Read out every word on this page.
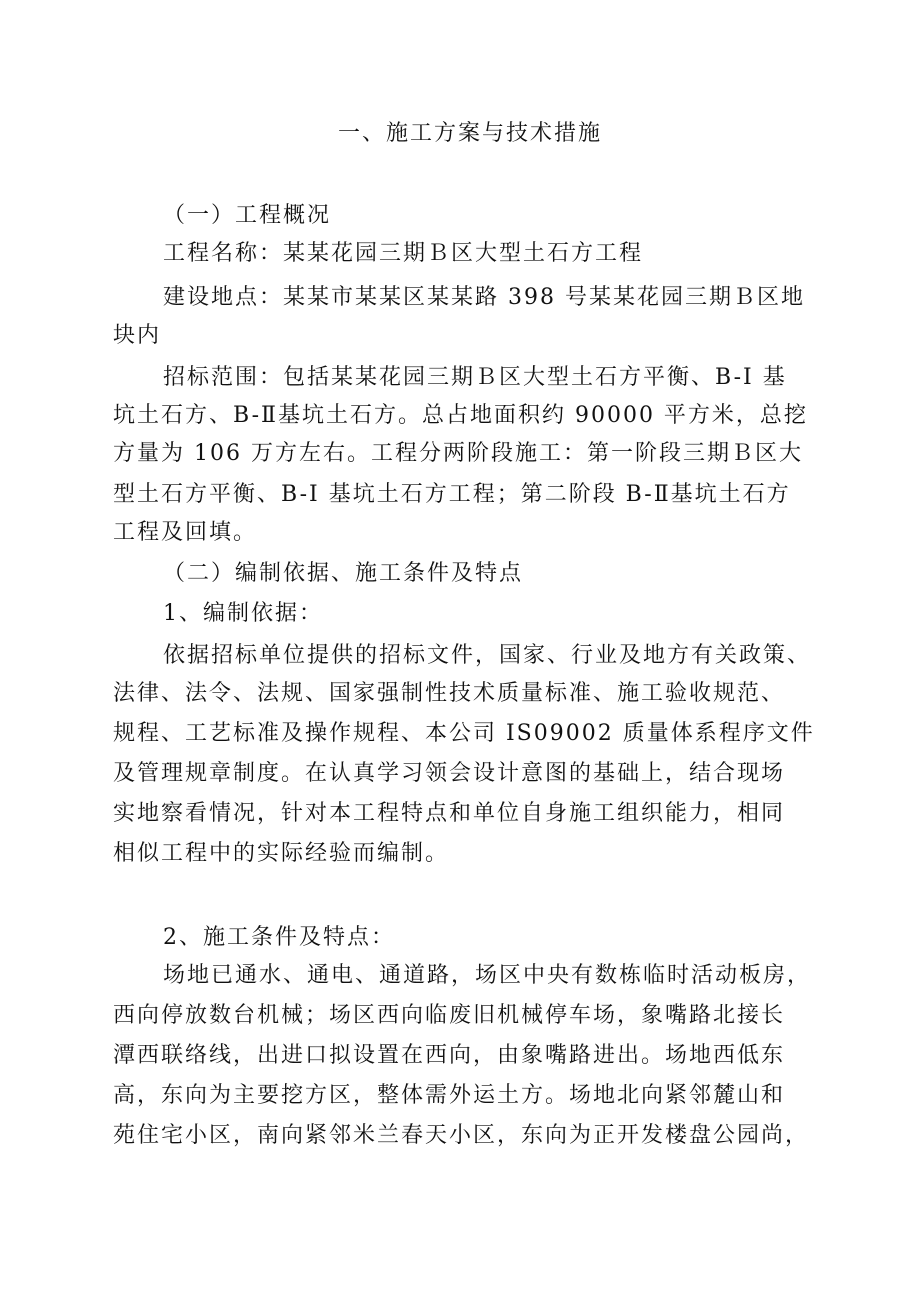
一、施工方案与技术措施
（一）工程概况
工程名称：某某花园三期Ｂ区大型土石方工程
建设地点：某某市某某区某某路 398 号某某花园三期Ｂ区地
块内
招标范围：包括某某花园三期Ｂ区大型土石方平衡、B-I 基
坑土石方、B-Ⅱ基坑土石方。总占地面积约 90000 平方米，总挖
方量为 106 万方左右。工程分两阶段施工：第一阶段三期Ｂ区大
型土石方平衡、B-I 基坑土石方工程；第二阶段 B-Ⅱ基坑土石方
工程及回填。
（二）编制依据、施工条件及特点
1、编制依据：
依据招标单位提供的招标文件，国家、行业及地方有关政策、
法律、法令、法规、国家强制性技术质量标准、施工验收规范、
规程、工艺标准及操作规程、本公司 IS09002 质量体系程序文件
及管理规章制度。在认真学习领会设计意图的基础上，结合现场
实地察看情况，针对本工程特点和单位自身施工组织能力，相同
相似工程中的实际经验而编制。
2、施工条件及特点：
场地已通水、通电、通道路，场区中央有数栋临时活动板房，
西向停放数台机械；场区西向临废旧机械停车场，象嘴路北接长
潭西联络线，出进口拟设置在西向，由象嘴路进出。场地西低东
高，东向为主要挖方区，整体需外运土方。场地北向紧邻麓山和
苑住宅小区，南向紧邻米兰春天小区，东向为正开发楼盘公园尚，
